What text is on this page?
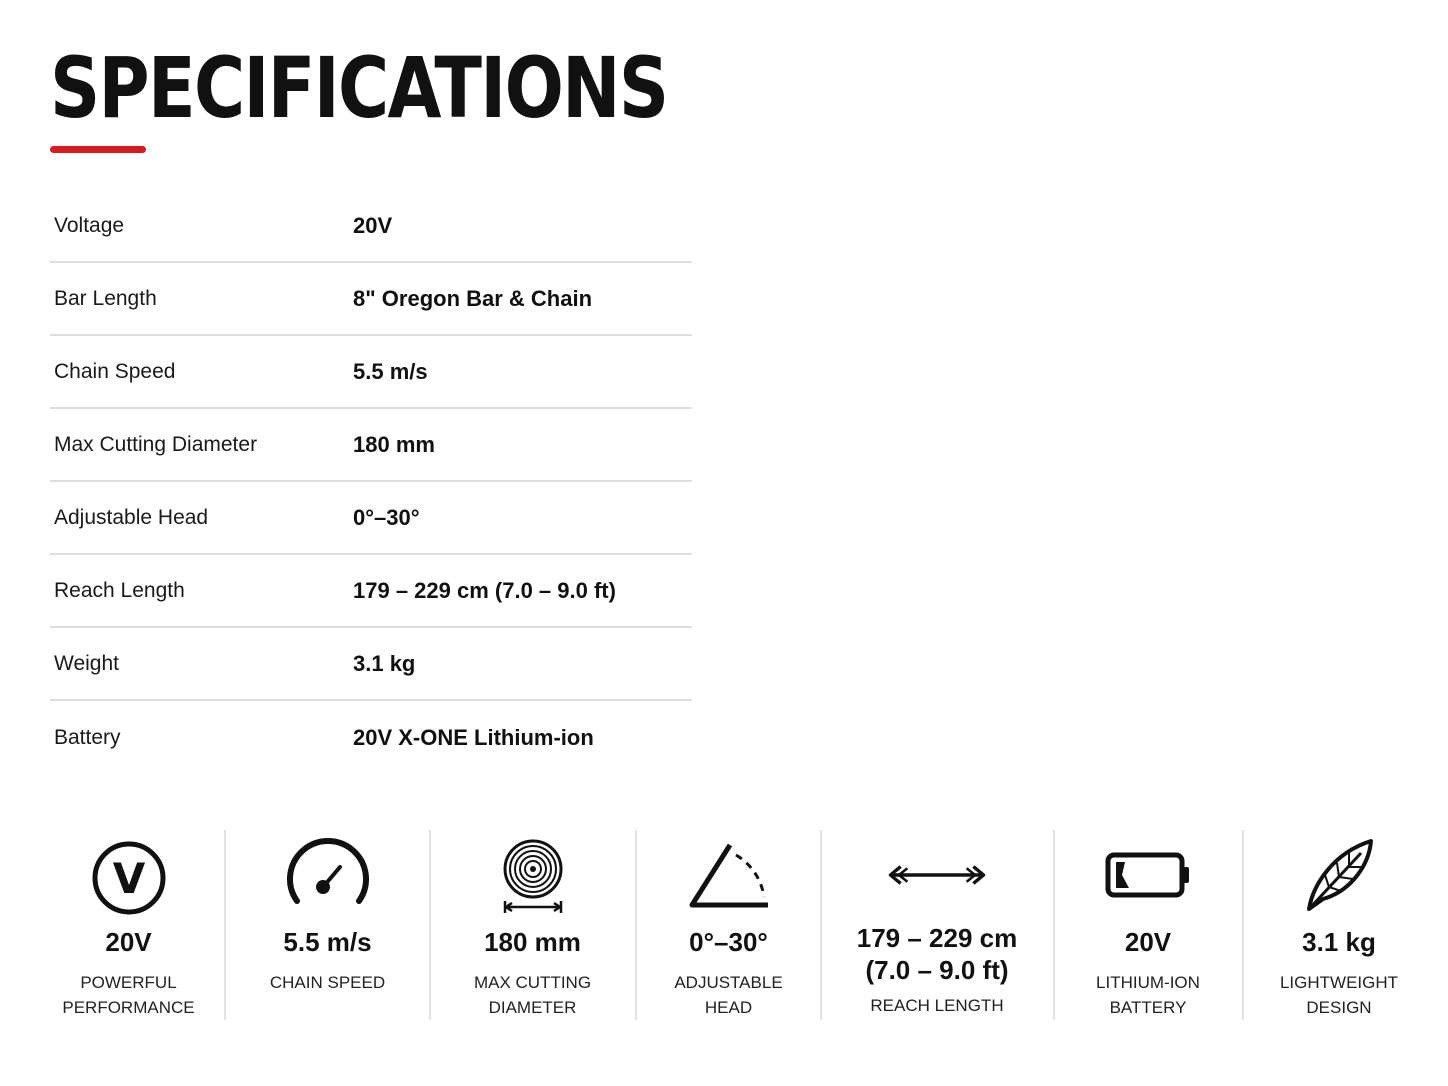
SPECIFICATIONS
Voltage	20V
Bar Length	8" Oregon Bar & Chain
Chain Speed	5.5 m/s
Max Cutting Diameter	180 mm
Adjustable Head	0°–30°
Reach Length	179 – 229 cm (7.0 – 9.0 ft)
Weight	3.1 kg
Battery	20V X-ONE Lithium-ion
V
20V
POWERFUL
PERFORMANCE
5.5 m/s
CHAIN SPEED
180 mm
MAX CUTTING
DIAMETER
0°–30°
ADJUSTABLE
HEAD
179 – 229 cm
(7.0 – 9.0 ft)
REACH LENGTH
20V
LITHIUM-ION
BATTERY
3.1 kg
LIGHTWEIGHT
DESIGN
